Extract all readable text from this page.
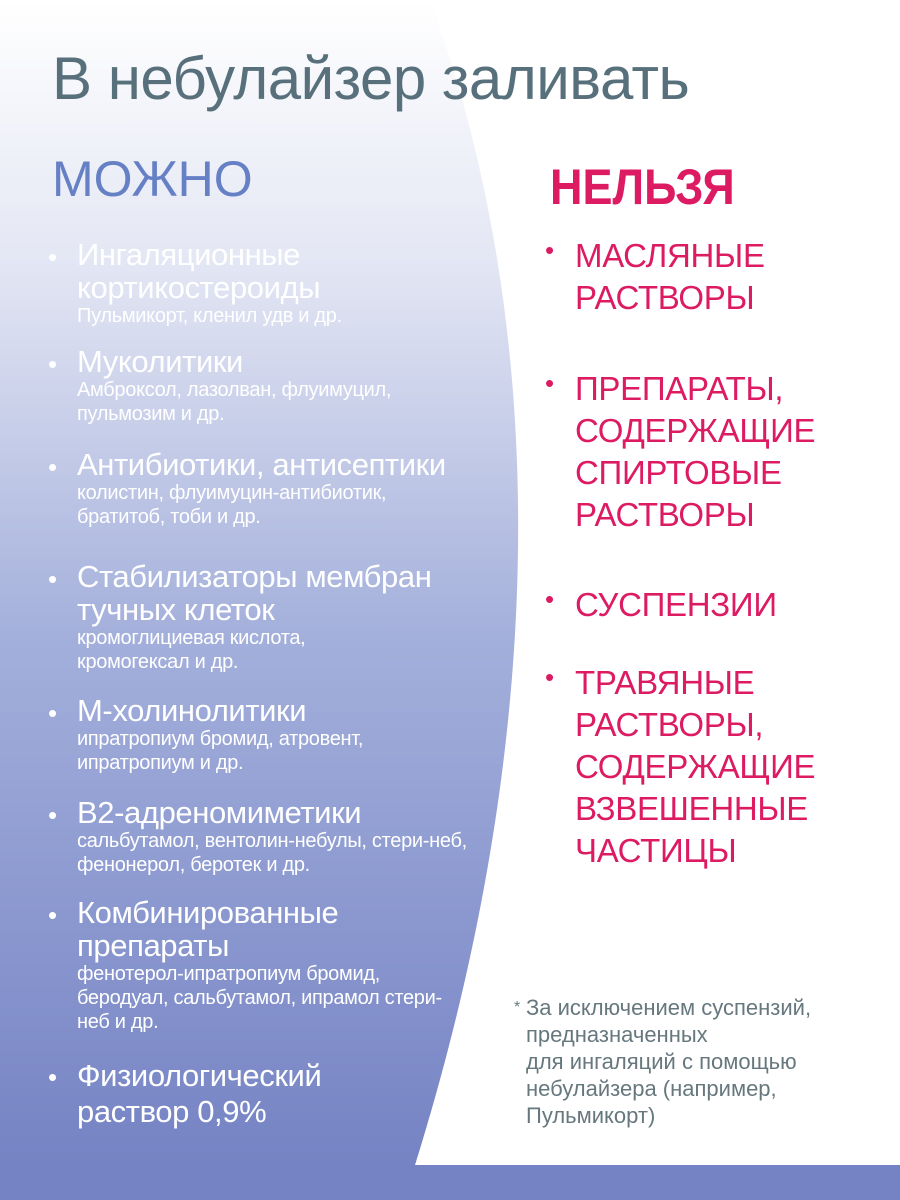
В небулайзер заливать
МОЖНО	НЕЛЬЗЯ
• Ингаляционные кортикостероиды
Пульмикорт, кленил удв и др.
• Муколитики
Амброксол, лазолван, флуимуцил, пульмозим и др.
• Антибиотики, антисептики
колистин, флуимуцин-антибиотик, братитоб, тоби и др.
• Стабилизаторы мембран тучных клеток
кромоглициевая кислота, кромогексал и др.
• М-холинолитики
ипратропиум бромид, атровент, ипратропиум и др.
• В2-адреномиметики
сальбутамол, вентолин-небулы, стери-неб, фенонерол, беротек и др.
• Комбинированные препараты
фенотерол-ипратропиум бромид, беродуал, сальбутамол, ипрамол стери-неб и др.
• Физиологический раствор 0,9%
• МАСЛЯНЫЕ
РАСТВОРЫ
• ПРЕПАРАТЫ,
СОДЕРЖАЩИЕ
СПИРТОВЫЕ
РАСТВОРЫ
• СУСПЕНЗИИ
• ТРАВЯНЫЕ
РАСТВОРЫ,
СОДЕРЖАЩИЕ
ВЗВЕШЕННЫЕ
ЧАСТИЦЫ
* За исключением суспензий,
предназначенных
для ингаляций с помощью
небулайзера (например,
Пульмикорт)
